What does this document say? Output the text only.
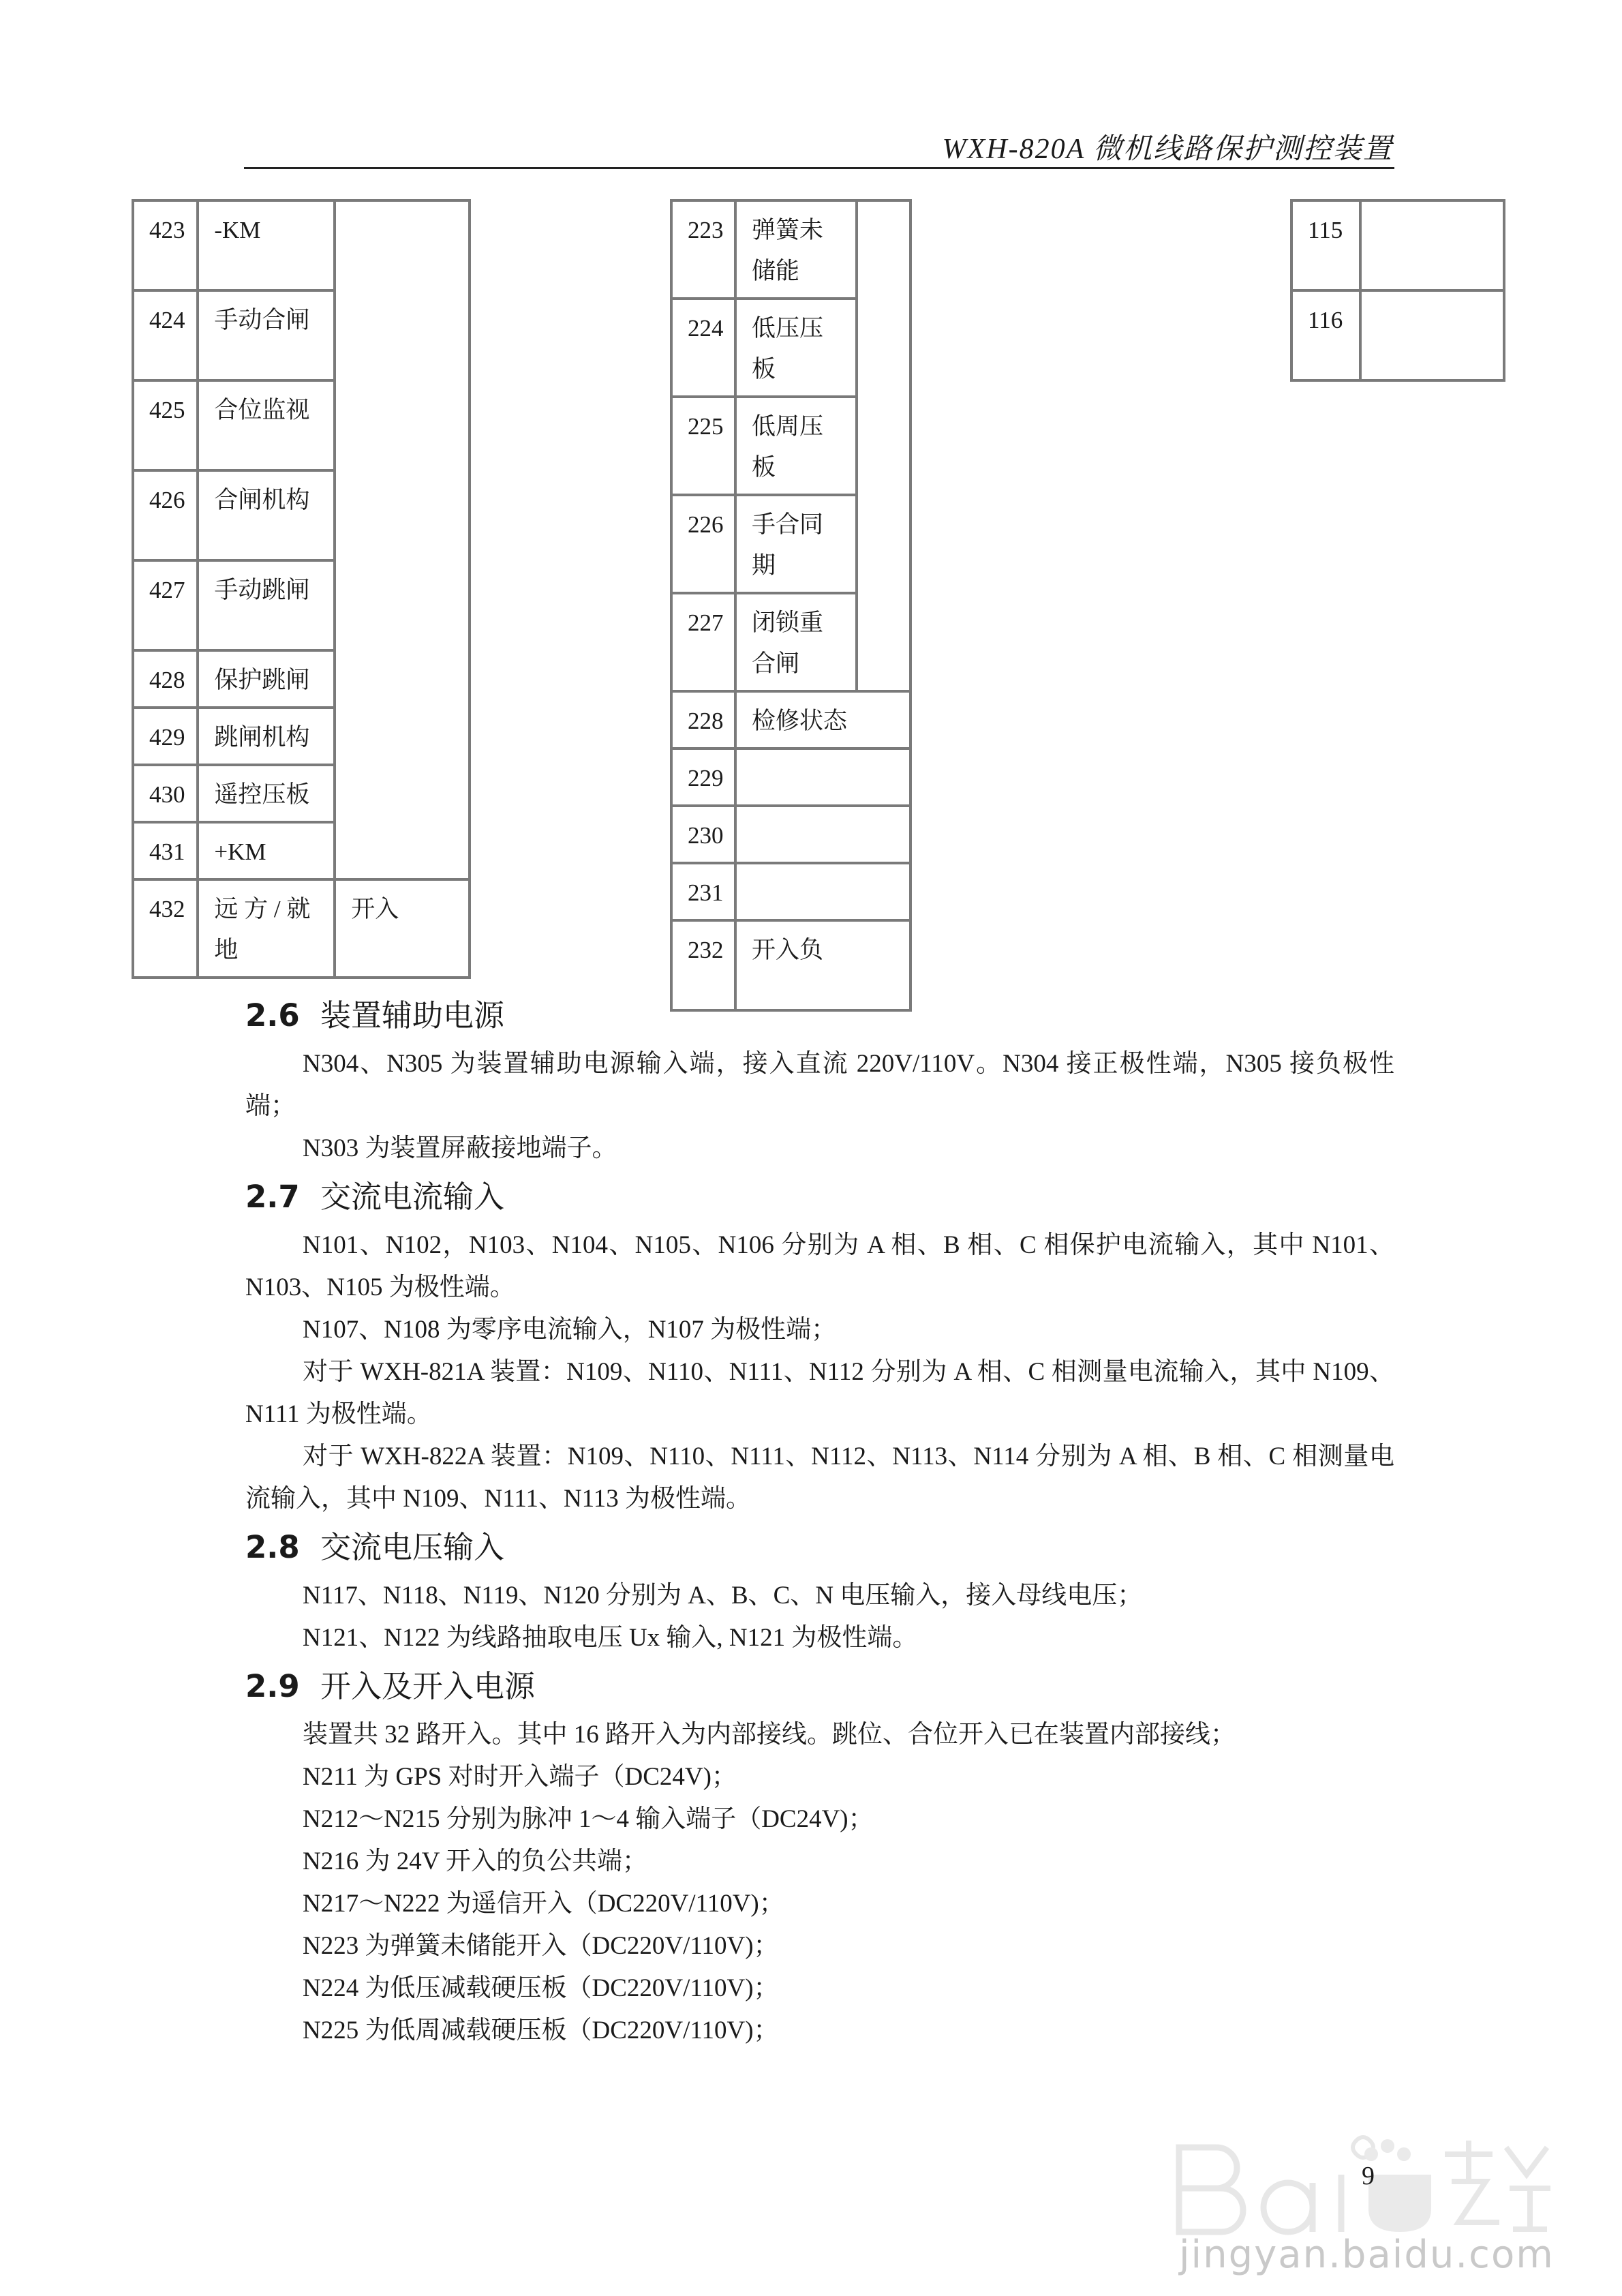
WXH-820A 微机线路保护测控装置
423	-KM	
424	手动合闸	
425	合位监视	
426	合闸机构	
427	手动跳闸	
428	保护跳闸	
429	跳闸机构	
430	遥控压板	
431	+KM	
432	远 方 / 就 地	开入
223	弹簧未储能	
224	低压压板	
225	低周压板	
226	手合同期	
227	闭锁重合闸	
228	检修状态	
229		
230		
231		
232	开入负	
115	
116	
2.6 装置辅助电源

N304、N305 为装置辅助电源输入端，接入直流 220V/110V。N304 接正极性端，N305 接负极性端；

N303 为装置屏蔽接地端子。

2.7 交流电流输入

N101、N102，N103、N104、N105、N106 分别为 A 相、B 相、C 相保护电流输入，其中 N101、N103、N105 为极性端。

N107、N108 为零序电流输入，N107 为极性端；

对于 WXH-821A 装置：N109、N110、N111、N112 分别为 A 相、C 相测量电流输入，其中 N109、N111 为极性端。

对于 WXH-822A 装置：N109、N110、N111、N112、N113、N114 分别为 A 相、B 相、C 相测量电流输入，其中 N109、N111、N113 为极性端。

2.8 交流电压输入

N117、N118、N119、N120 分别为 A、B、C、N 电压输入，接入母线电压；

N121、N122 为线路抽取电压 Ux 输入, N121 为极性端。

2.9 开入及开入电源

装置共 32 路开入。其中 16 路开入为内部接线。跳位、合位开入已在装置内部接线；

N211 为 GPS 对时开入端子（DC24V)；

N212～N215 分别为脉冲 1～4 输入端子（DC24V)；

N216 为 24V 开入的负公共端；

N217～N222 为遥信开入（DC220V/110V)；

N223 为弹簧未储能开入（DC220V/110V)；

N224 为低压减载硬压板（DC220V/110V)；

N225 为低周减载硬压板（DC220V/110V)；

jingyan.baidu.com
9
